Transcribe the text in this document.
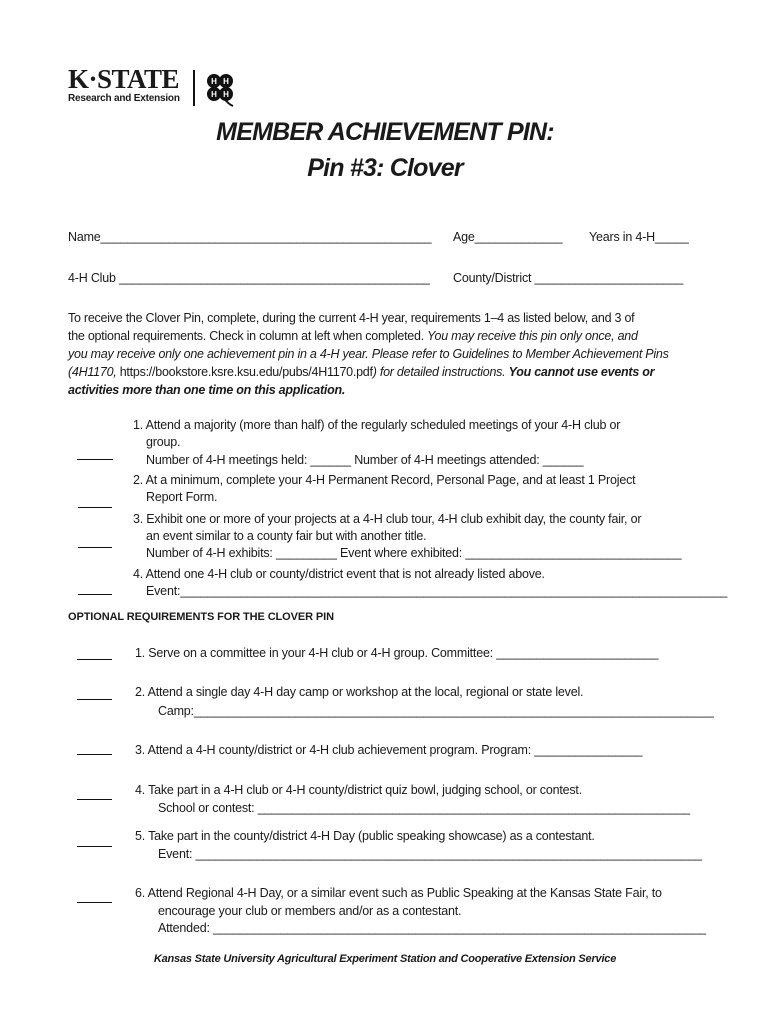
K·STATE
Research and Extension
H H
H H
MEMBER ACHIEVEMENT PIN:
Pin #3: Clover
Name_________________________________________________ Age_____________ Years in 4-H_____
4-H Club ______________________________________________ County/District ______________________
To receive the Clover Pin, complete, during the current 4-H year, requirements 1–4 as listed below, and 3 of
the optional requirements. Check in column at left when completed. You may receive this pin only once, and
you may receive only one achievement pin in a 4-H year. Please refer to Guidelines to Member Achievement Pins
(4H1170, https://bookstore.ksre.ksu.edu/pubs/4H1170.pdf) for detailed instructions. You cannot use events or
activities more than one time on this application.
1. Attend a majority (more than half) of the regularly scheduled meetings of your 4-H club or
group.
Number of 4-H meetings held: ______ Number of 4-H meetings attended: ______
2. At a minimum, complete your 4-H Permanent Record, Personal Page, and at least 1 Project
Report Form.
3. Exhibit one or more of your projects at a 4-H club tour, 4-H club exhibit day, the county fair, or
an event similar to a county fair but with another title.
Number of 4-H exhibits: _________ Event where exhibited: ________________________________
4. Attend one 4-H club or county/district event that is not already listed above.
Event:_________________________________________________________________________________
OPTIONAL REQUIREMENTS FOR THE CLOVER PIN
1. Serve on a committee in your 4-H club or 4-H group. Committee: ________________________
2. Attend a single day 4-H day camp or workshop at the local, regional or state level.
Camp:_____________________________________________________________________________
3. Attend a 4-H county/district or 4-H club achievement program. Program: ________________
4. Take part in a 4-H club or 4-H county/district quiz bowl, judging school, or contest.
School or contest: ________________________________________________________________
5. Take part in the county/district 4-H Day (public speaking showcase) as a contestant.
Event: ___________________________________________________________________________
6. Attend Regional 4-H Day, or a similar event such as Public Speaking at the Kansas State Fair, to
encourage your club or members and/or as a contestant.
Attended: _________________________________________________________________________
Kansas State University Agricultural Experiment Station and Cooperative Extension Service
